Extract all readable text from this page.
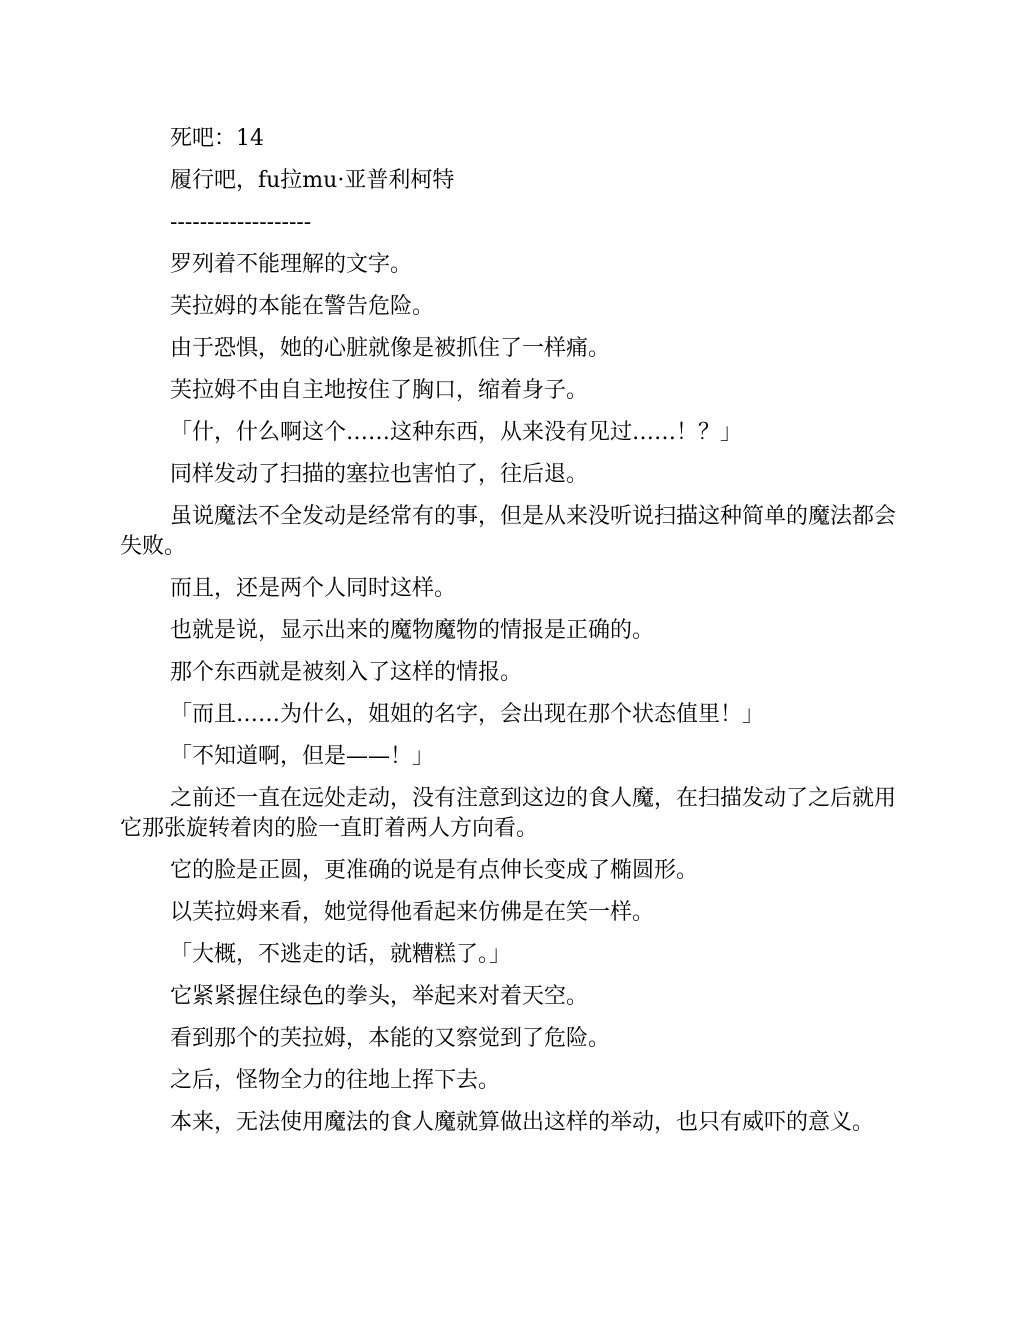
死吧：14

履行吧，fu拉mu·亚普利柯特

-------------------

罗列着不能理解的文字。

芙拉姆的本能在警告危险。

由于恐惧，她的心脏就像是被抓住了一样痛。

芙拉姆不由自主地按住了胸口，缩着身子。

「什，什么啊这个……这种东西，从来没有见过……！？」

同样发动了扫描的塞拉也害怕了，往后退。

虽说魔法不全发动是经常有的事，但是从来没听说扫描这种简单的魔法都会失败。

而且，还是两个人同时这样。

也就是说，显示出来的魔物魔物的情报是正确的。

那个东西就是被刻入了这样的情报。

「而且……为什么，姐姐的名字，会出现在那个状态值里！」

「不知道啊，但是——！」

之前还一直在远处走动，没有注意到这边的食人魔，在扫描发动了之后就用它那张旋转着肉的脸一直盯着两人方向看。

它的脸是正圆，更准确的说是有点伸长变成了椭圆形。

以芙拉姆来看，她觉得他看起来仿佛是在笑一样。

「大概，不逃走的话，就糟糕了。」

它紧紧握住绿色的拳头，举起来对着天空。

看到那个的芙拉姆，本能的又察觉到了危险。

之后，怪物全力的往地上挥下去。

本来，无法使用魔法的食人魔就算做出这样的举动，也只有威吓的意义。
